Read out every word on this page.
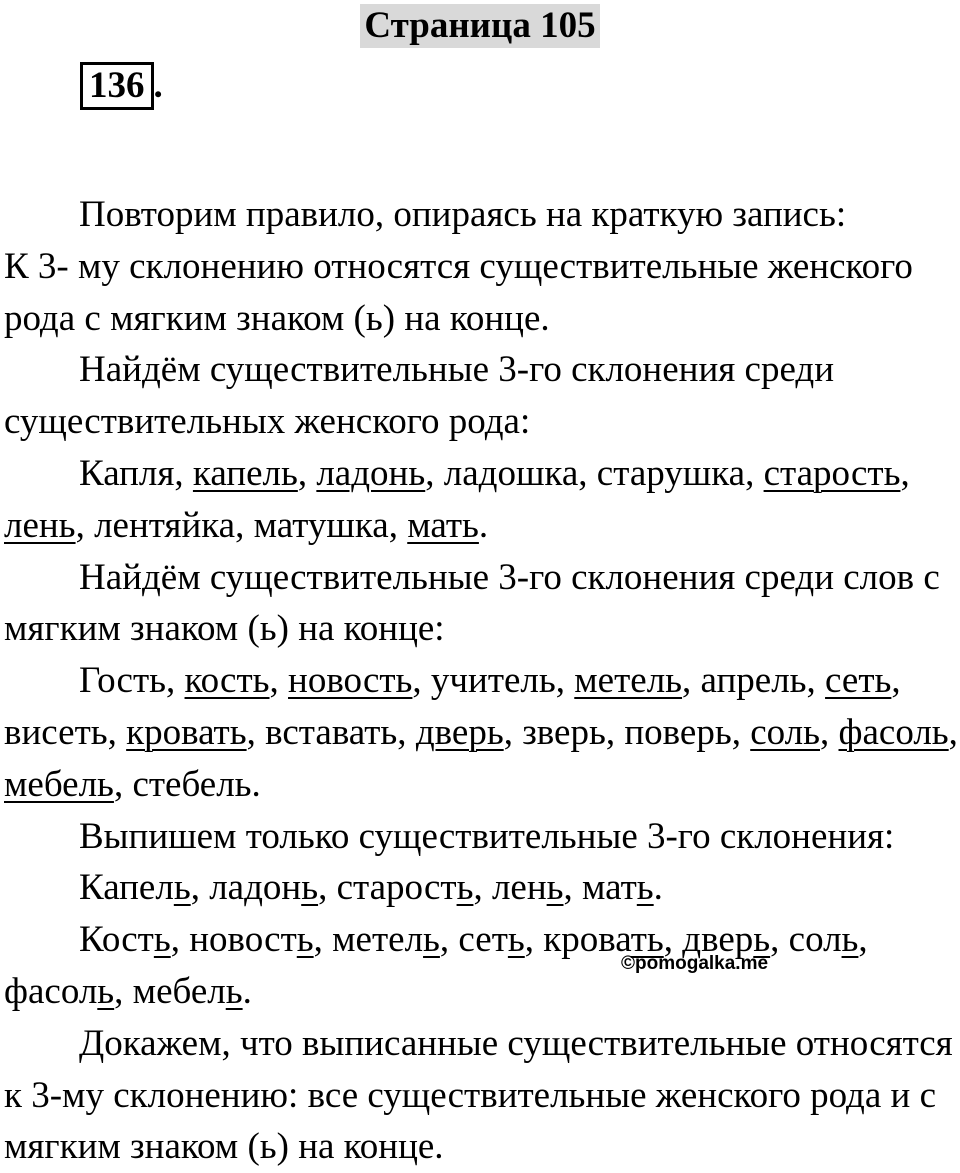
Страница 105
136 .

Повторим правило, опираясь на краткую запись:

К 3- му склонению относятся существительные женского рода с мягким знаком (ь) на конце.

Найдём существительные 3-го склонения среди существительных женского рода:

Капля, капель, ладонь, ладошка, старушка, старость, лень, лентяйка, матушка, мать.

Найдём существительные 3-го склонения среди слов с мягким знаком (ь) на конце:

Гость, кость, новость, учитель, метель, апрель, сеть, висеть, кровать, вставать, дверь, зверь, поверь, соль, фасоль, мебель, стебель.

Выпишем только существительные 3-го склонения:

Капель, ладонь, старость, лень, мать.

Кость, новость, метель, сеть, кровать, дверь, соль, фасоль, мебель.

Докажем, что выписанные существительные относятся к 3-му склонению: все существительные женского рода и с мягким знаком (ь) на конце.

©pomogalka.me
